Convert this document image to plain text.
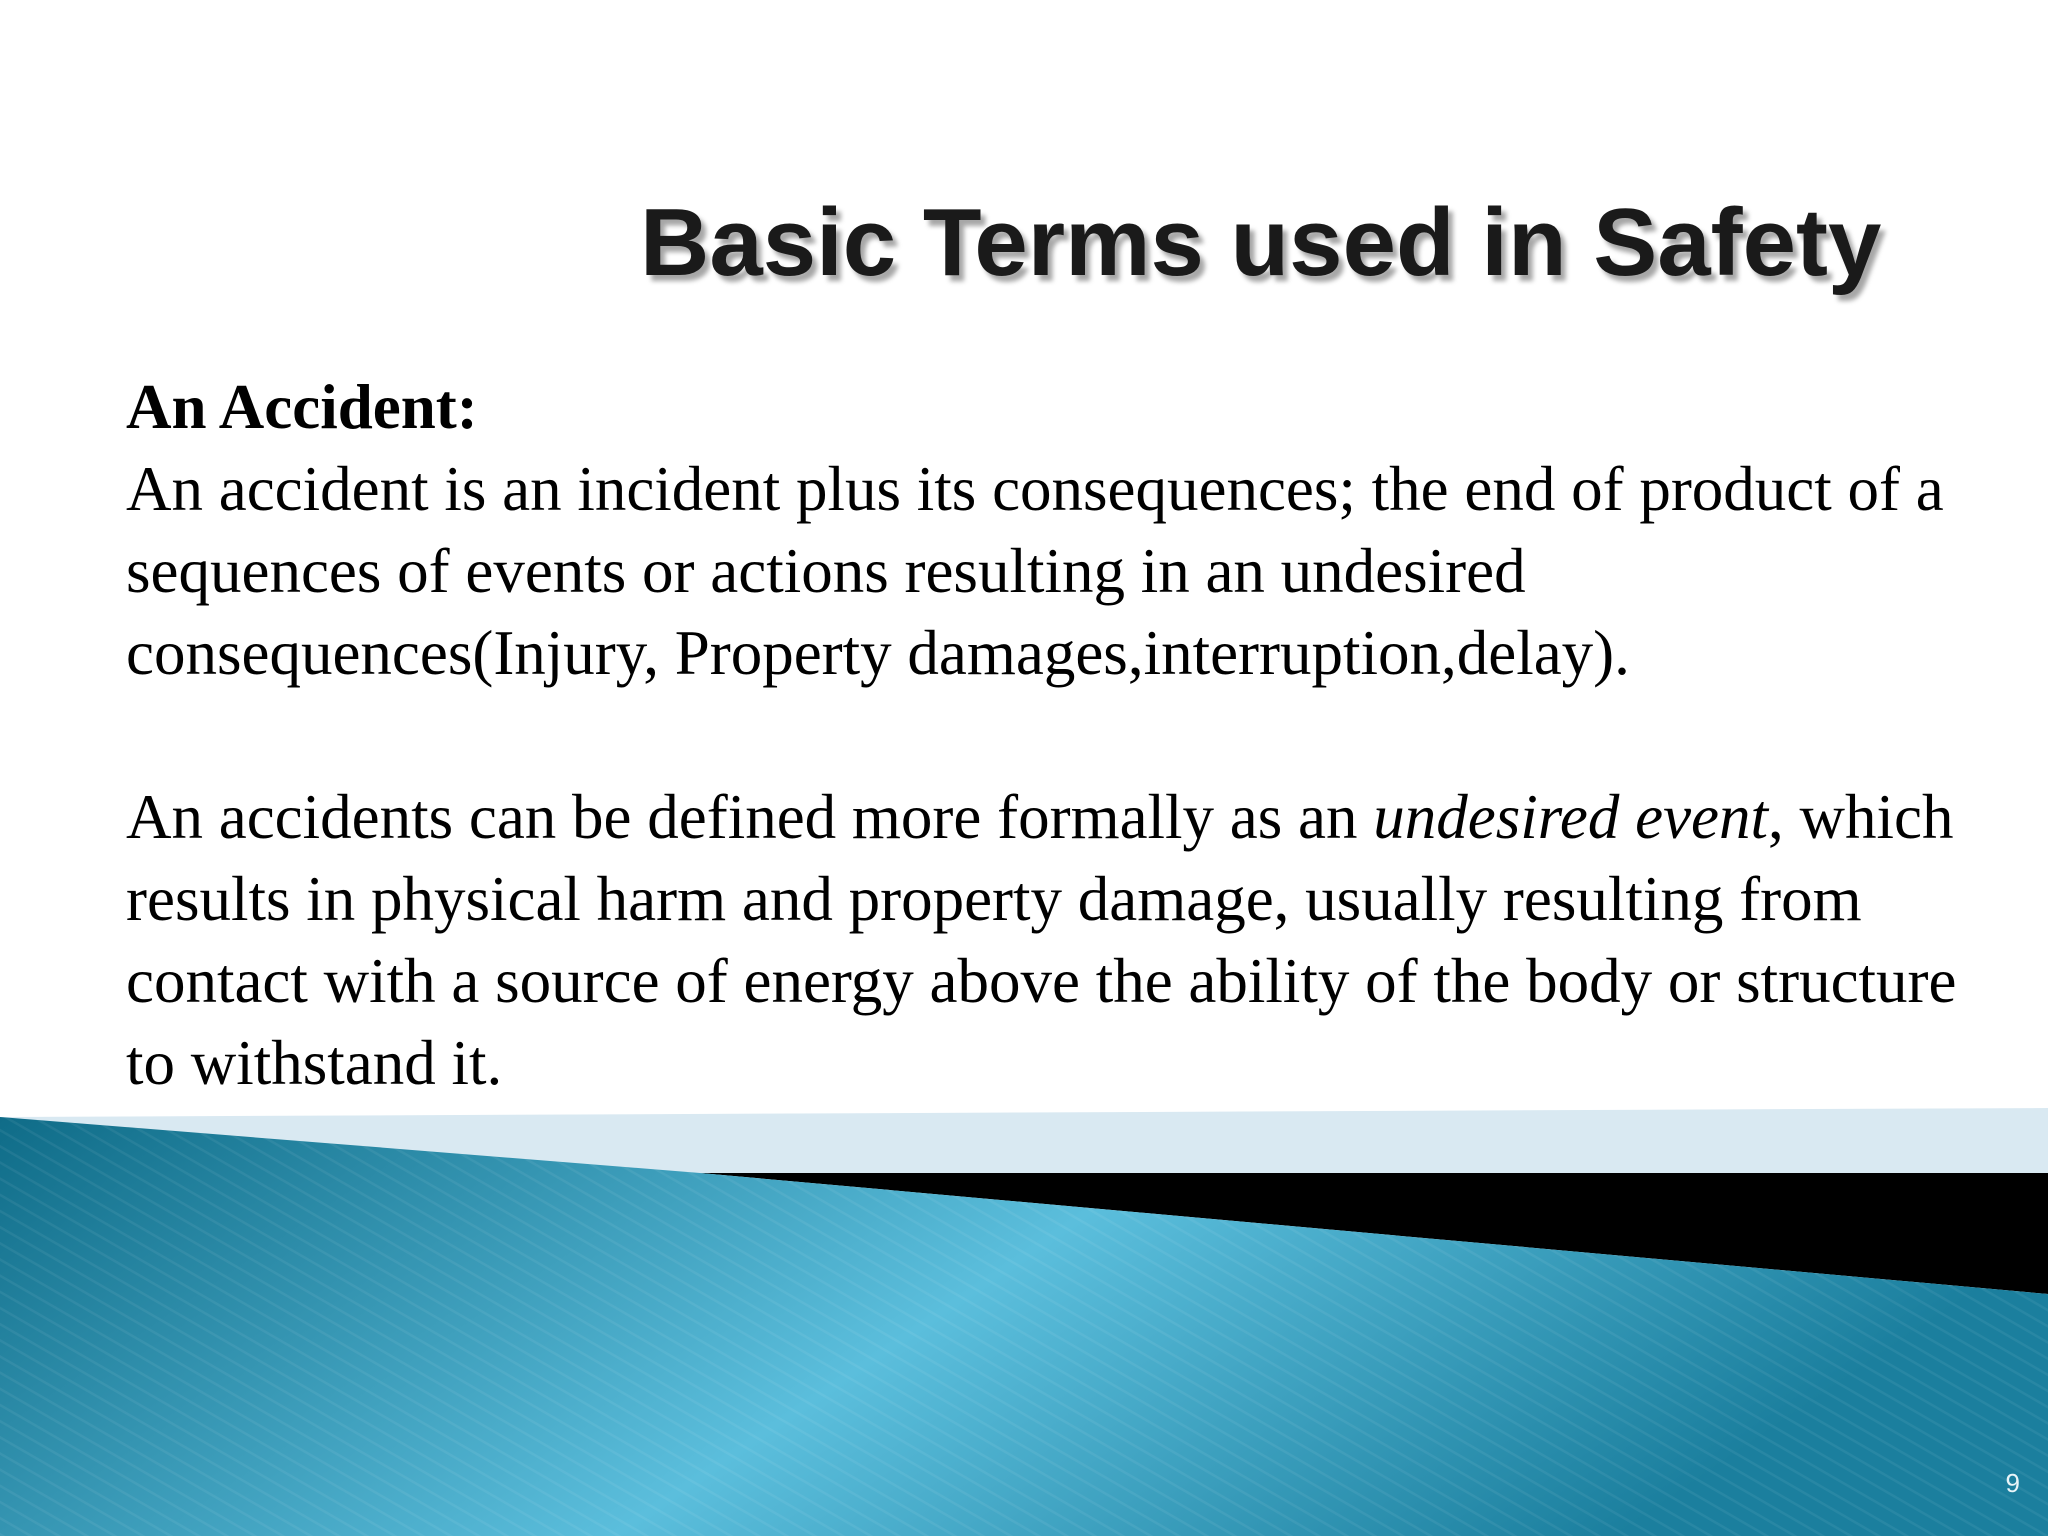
Basic Terms used in Safety

An Accident:

An accident is an incident plus its consequences; the end of product of a sequences of events or actions resulting in an undesired consequences(Injury, Property damages,interruption,delay).

An accidents can be defined more formally as an undesired event, which results in physical harm and property damage, usually resulting from contact with a source of energy above the ability of the body or structure to withstand it.

9
